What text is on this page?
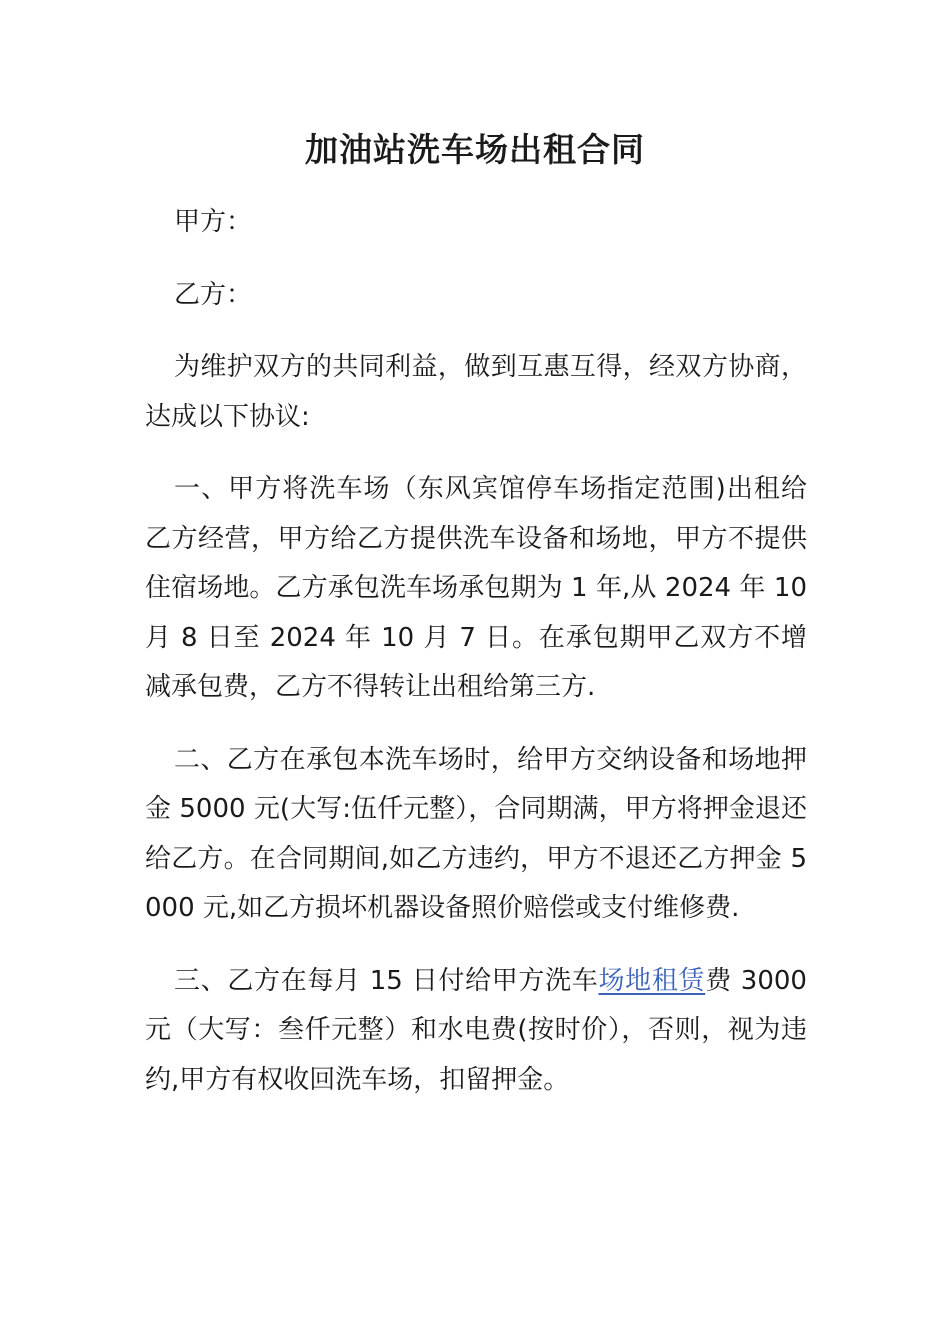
加油站洗车场出租合同

甲方：

乙方：

为维护双方的共同利益，做到互惠互得，经双方协商，达成以下协议:

一、甲方将洗车场（东风宾馆停车场指定范围)出租给乙方经营，甲方给乙方提供洗车设备和场地，甲方不提供住宿场地。乙方承包洗车场承包期为 1 年,从 2024 年 10 月 8 日至 2024 年 10 月 7 日。在承包期甲乙双方不增减承包费，乙方不得转让出租给第三方.

二、乙方在承包本洗车场时，给甲方交纳设备和场地押金 5000 元(大写:伍仟元整），合同期满，甲方将押金退还给乙方。在合同期间,如乙方违约，甲方不退还乙方押金 5000 元,如乙方损坏机器设备照价赔偿或支付维修费.

三、乙方在每月 15 日付给甲方洗车场地租赁费 3000 元（大写：叁仟元整）和水电费(按时价），否则，视为违约,甲方有权收回洗车场，扣留押金。
